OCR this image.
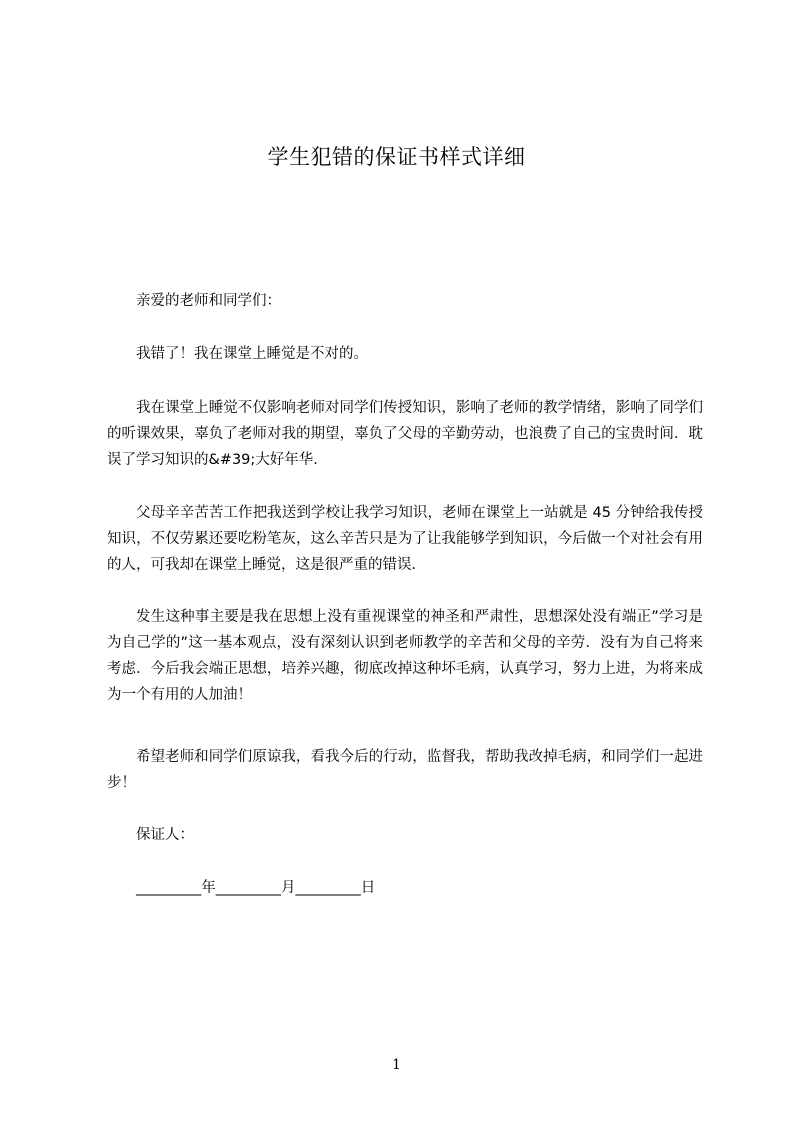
学生犯错的保证书样式详细
亲爱的老师和同学们：
我错了！我在课堂上睡觉是不对的。
我在课堂上睡觉不仅影响老师对同学们传授知识，影响了老师的教学情绪，影响了同学们的听课效果，辜负了老师对我的期望，辜负了父母的辛勤劳动，也浪费了自己的宝贵时间．耽误了学习知识的&#39;大好年华．
父母辛辛苦苦工作把我送到学校让我学习知识，老师在课堂上一站就是 45 分钟给我传授知识，不仅劳累还要吃粉笔灰，这么辛苦只是为了让我能够学到知识，今后做一个对社会有用的人，可我却在课堂上睡觉，这是很严重的错误．
发生这种事主要是我在思想上没有重视课堂的神圣和严肃性，思想深处没有端正”学习是为自己学的”这一基本观点，没有深刻认识到老师教学的辛苦和父母的辛劳．没有为自己将来考虑．今后我会端正思想，培养兴趣，彻底改掉这种坏毛病，认真学习，努力上进，为将来成为一个有用的人加油！
希望老师和同学们原谅我，看我今后的行动，监督我，帮助我改掉毛病，和同学们一起进步！
保证人：
_________年_________月_________日
1
